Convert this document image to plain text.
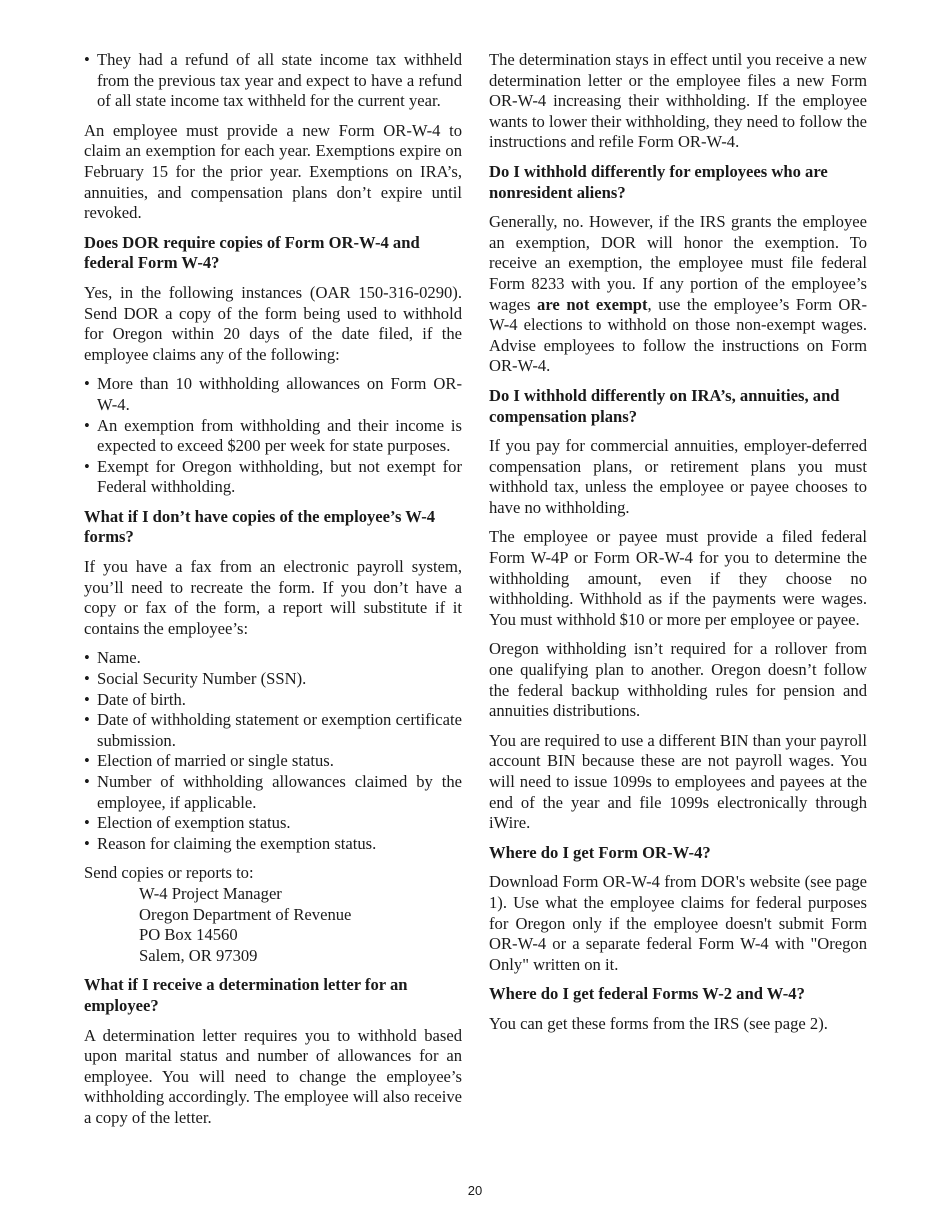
• They had a refund of all state income tax withheld from the previous tax year and expect to have a refund of all state income tax withheld for the current year.

An employee must provide a new Form OR-W-4 to claim an exemption for each year. Exemptions expire on February 15 for the prior year. Exemptions on IRA’s, annuities, and compensation plans don’t expire until revoked.

Does DOR require copies of Form OR-W-4 and federal Form W-4?

Yes, in the following instances (OAR 150-316-0290). Send DOR a copy of the form being used to withhold for Oregon within 20 days of the date filed, if the employee claims any of the following:

• More than 10 withholding allowances on Form OR-W-4.
• An exemption from withholding and their income is expected to exceed $200 per week for state purposes.
• Exempt for Oregon withholding, but not exempt for Federal withholding.

What if I don’t have copies of the employee’s W-4 forms?

If you have a fax from an electronic payroll system, you’ll need to recreate the form. If you don’t have a copy or fax of the form, a report will substitute if it contains the employee’s:

• Name.
• Social Security Number (SSN).
• Date of birth.
• Date of withholding statement or exemption certificate submission.
• Election of married or single status.
• Number of withholding allowances claimed by the employee, if applicable.
• Election of exemption status.
• Reason for claiming the exemption status.
Send copies or reports to:
W-4 Project Manager
Oregon Department of Revenue
PO Box 14560
Salem, OR 97309

What if I receive a determination letter for an employee?

A determination letter requires you to withhold based upon marital status and number of allowances for an employee. You will need to change the employee’s withholding accordingly. The employee will also receive a copy of the letter.

The determination stays in effect until you receive a new determination letter or the employee files a new Form OR-W-4 increasing their withholding. If the employee wants to lower their withholding, they need to follow the instructions and refile Form OR-W-4.

Do I withhold differently for employees who are nonresident aliens?

Generally, no. However, if the IRS grants the employee an exemption, DOR will honor the exemption. To receive an exemption, the employee must file federal Form 8233 with you. If any portion of the employee’s wages are not exempt, use the employee’s Form OR-W-4 elections to withhold on those non-exempt wages. Advise employees to follow the instructions on Form OR-W-4.

Do I withhold differently on IRA’s, annuities, and compensation plans?

If you pay for commercial annuities, employer-deferred compensation plans, or retirement plans you must withhold tax, unless the employee or payee chooses to have no withholding.

The employee or payee must provide a filed federal Form W-4P or Form OR-W-4 for you to determine the withholding amount, even if they choose no withholding. Withhold as if the payments were wages. You must withhold $10 or more per employee or payee.

Oregon withholding isn’t required for a rollover from one qualifying plan to another. Oregon doesn’t follow the federal backup withholding rules for pension and annuities distributions.

You are required to use a different BIN than your payroll account BIN because these are not payroll wages. You will need to issue 1099s to employees and payees at the end of the year and file 1099s electronically through iWire.

Where do I get Form OR-W-4?

Download Form OR-W-4 from DOR's website (see page 1). Use what the employee claims for federal purposes for Oregon only if the employee doesn't submit Form OR-W-4 or a separate federal Form W-4 with "Oregon Only" written on it.

Where do I get federal Forms W-2 and W-4?

You can get these forms from the IRS (see page 2).

20
